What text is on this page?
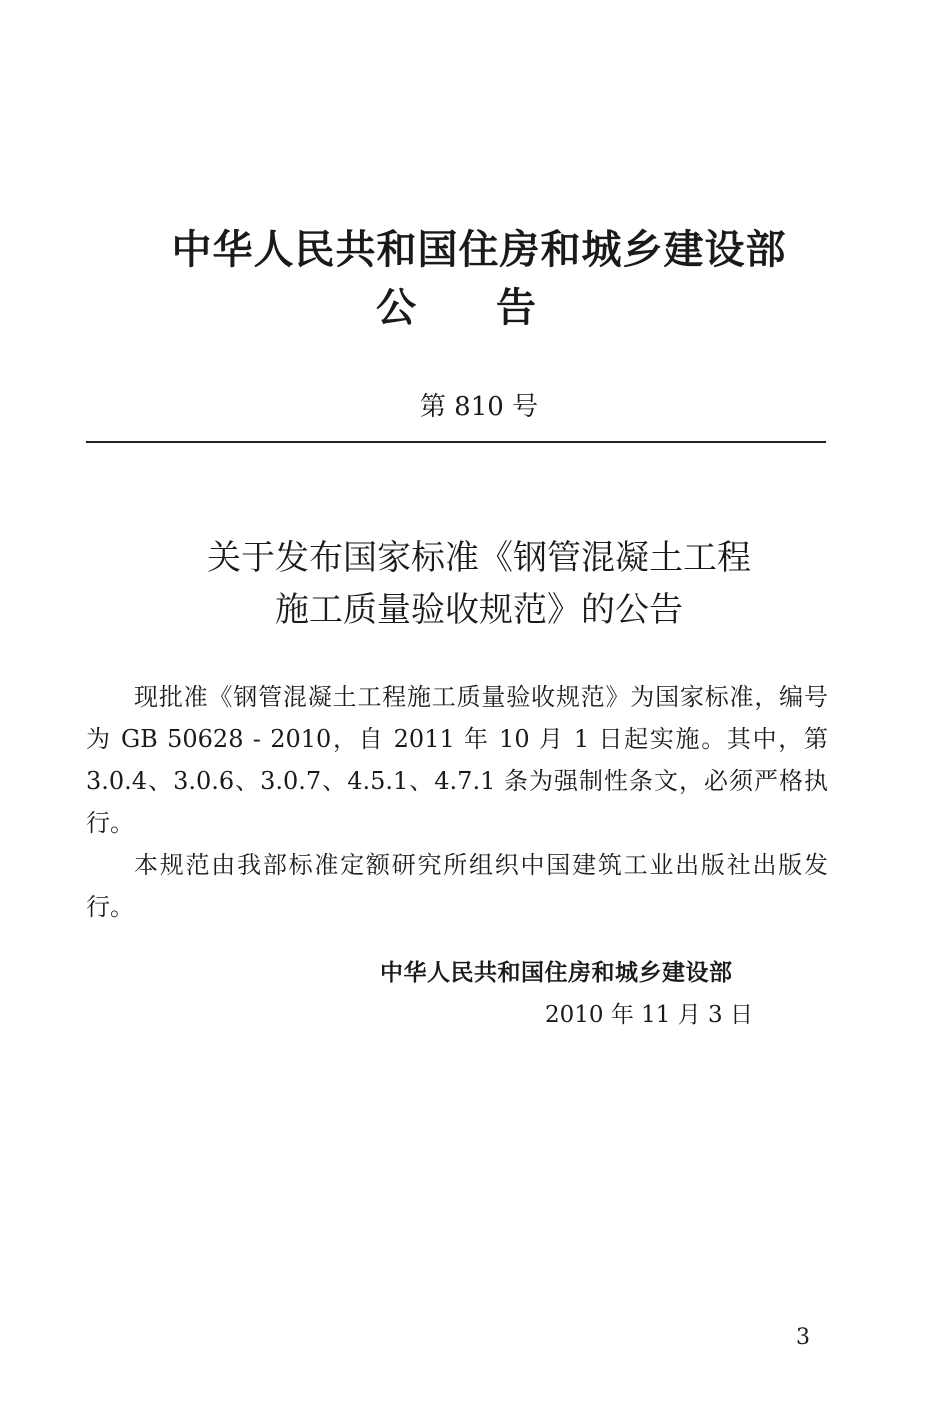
中华人民共和国住房和城乡建设部
公告
第 810 号
关于发布国家标准《钢管混凝土工程
施工质量验收规范》的公告

现批准《钢管混凝土工程施工质量验收规范》为国家标准，编号为 GB 50628 - 2010，自 2011 年 10 月 1 日起实施。其中，第 3.0.4、3.0.6、3.0.7、4.5.1、4.7.1 条为强制性条文，必须严格执行。

本规范由我部标准定额研究所组织中国建筑工业出版社出版发行。

中华人民共和国住房和城乡建设部
2010 年 11 月 3 日
3
